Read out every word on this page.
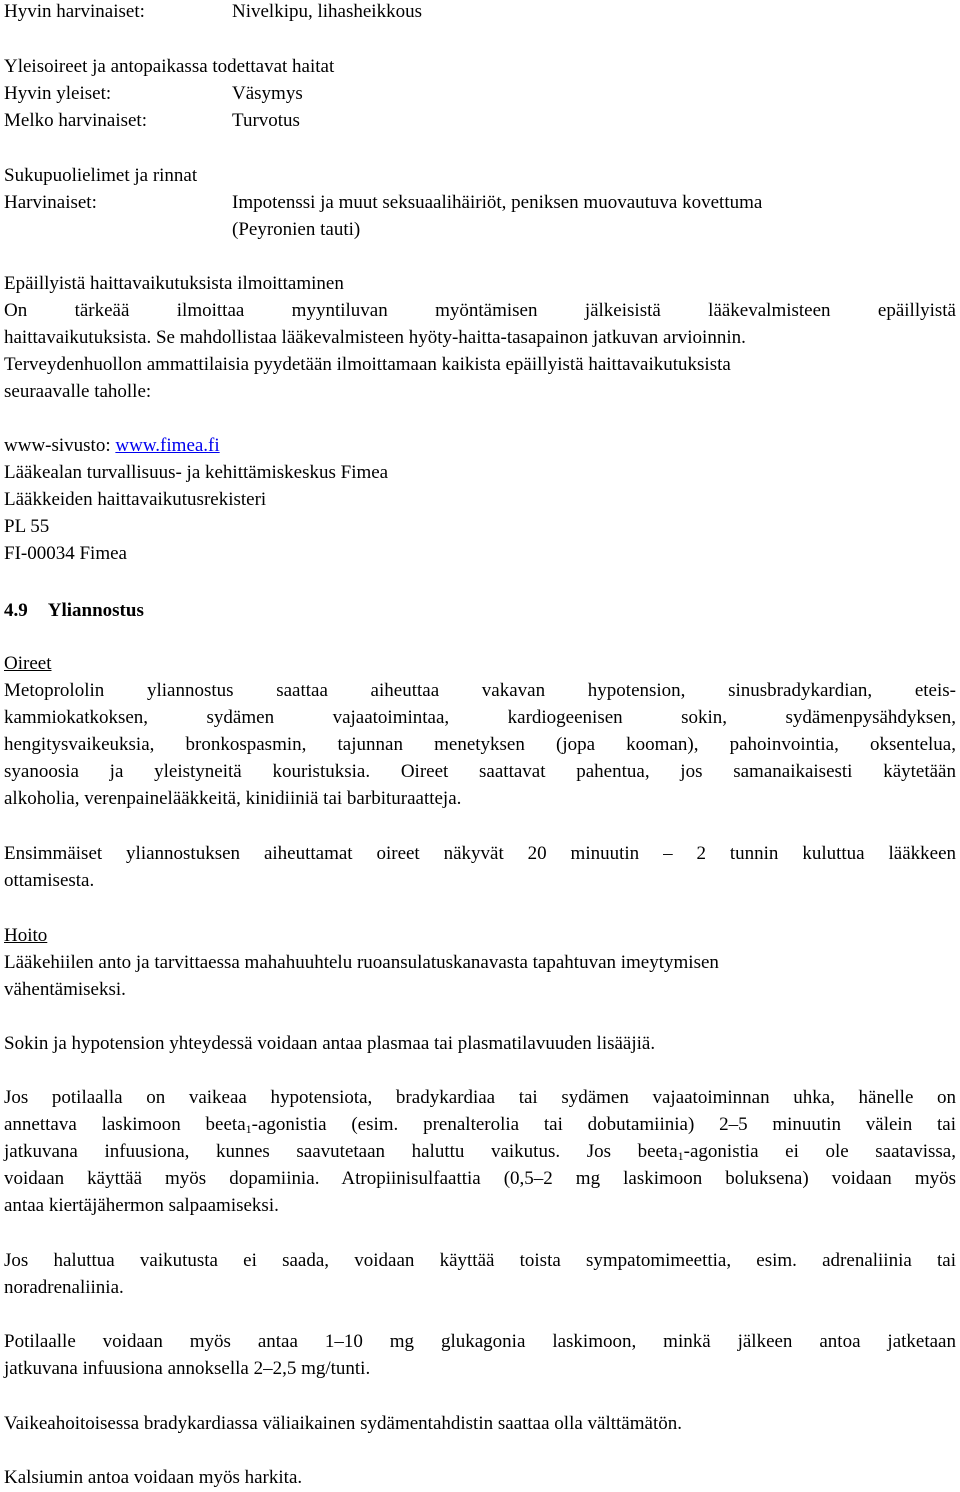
Hyvin harvinaiset:	Nivelkipu, lihasheikkous
Yleisoireet ja antopaikassa todettavat haitat
Hyvin yleiset:	Väsymys
Melko harvinaiset:	Turvotus
Sukupuolielimet ja rinnat
Harvinaiset:	Impotenssi ja muut seksuaalihäiriöt, peniksen muovautuva kovettuma
(Peyronien tauti)
Epäillyistä haittavaikutuksista ilmoittaminen
On tärkeää ilmoittaa myyntiluvan myöntämisen jälkeisistä lääkevalmisteen epäillyistä
haittavaikutuksista. Se mahdollistaa lääkevalmisteen hyöty-haitta-tasapainon jatkuvan arvioinnin.
Terveydenhuollon ammattilaisia pyydetään ilmoittamaan kaikista epäillyistä haittavaikutuksista
seuraavalle taholle:
www-sivusto: www.fimea.fi
Lääkealan turvallisuus- ja kehittämiskeskus Fimea
Lääkkeiden haittavaikutusrekisteri
PL 55
FI-00034 Fimea
4.9 Yliannostus
Oireet
Metoprololin yliannostus saattaa aiheuttaa vakavan hypotension, sinusbradykardian, eteis-
kammiokatkoksen, sydämen vajaatoimintaa, kardiogeenisen sokin, sydämenpysähdyksen,
hengitysvaikeuksia, bronkospasmin, tajunnan menetyksen (jopa kooman), pahoinvointia, oksentelua,
syanoosia ja yleistyneitä kouristuksia. Oireet saattavat pahentua, jos samanaikaisesti käytetään
alkoholia, verenpainelääkkeitä, kinidiiniä tai barbituraatteja.
Ensimmäiset yliannostuksen aiheuttamat oireet näkyvät 20 minuutin – 2 tunnin kuluttua lääkkeen
ottamisesta.
Hoito
Lääkehiilen anto ja tarvittaessa mahahuuhtelu ruoansulatuskanavasta tapahtuvan imeytymisen
vähentämiseksi.
Sokin ja hypotension yhteydessä voidaan antaa plasmaa tai plasmatilavuuden lisääjiä.
Jos potilaalla on vaikeaa hypotensiota, bradykardiaa tai sydämen vajaatoiminnan uhka, hänelle on
annettava laskimoon beeta$_1$-agonistia (esim. prenalterolia tai dobutamiinia) 2–5 minuutin välein tai
jatkuvana infuusiona, kunnes saavutetaan haluttu vaikutus. Jos beeta$_1$-agonistia ei ole saatavissa,
voidaan käyttää myös dopamiinia. Atropiinisulfaattia (0,5–2 mg laskimoon boluksena) voidaan myös
antaa kiertäjähermon salpaamiseksi.
Jos haluttua vaikutusta ei saada, voidaan käyttää toista sympatomimeettia, esim. adrenaliinia tai
noradrenaliinia.
Potilaalle voidaan myös antaa 1–10 mg glukagonia laskimoon, minkä jälkeen antoa jatketaan
jatkuvana infuusiona annoksella 2–2,5 mg/tunti.
Vaikeahoitoisessa bradykardiassa väliaikainen sydämentahdistin saattaa olla välttämätön.
Kalsiumin antoa voidaan myös harkita.
